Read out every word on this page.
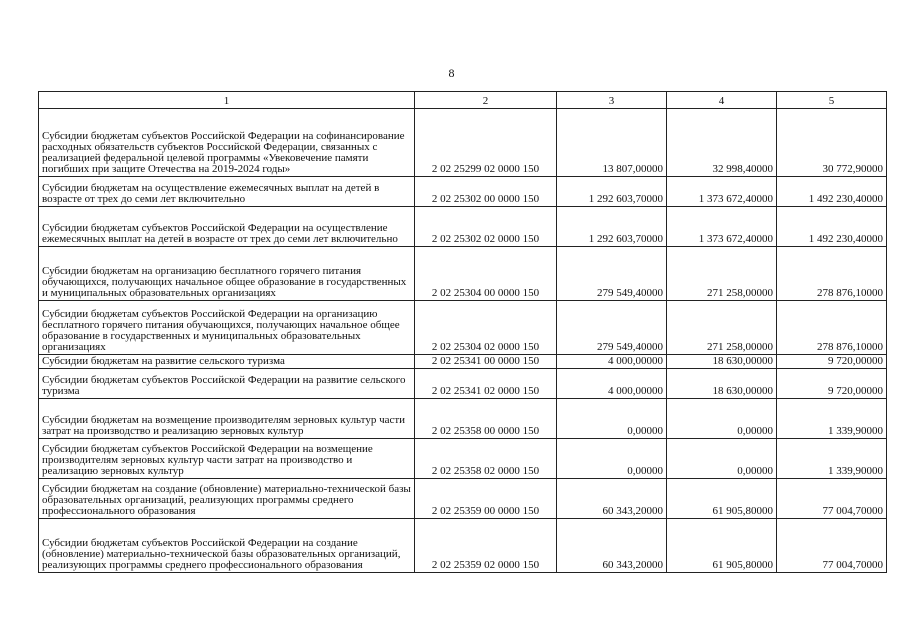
8
1	2	3	4	5
Субсидии бюджетам субъектов Российской Федерации на софинансирование расходных обязательств субъектов Российской Федерации, связанных с реализацией федеральной целевой программы «Увековечение памяти погибших при защите Отечества на 2019-2024 годы»	2 02 25299 02 0000 150	13 807,00000	32 998,40000	30 772,90000
Субсидии бюджетам на осуществление ежемесячных выплат на детей в возрасте от трех до семи лет включительно	2 02 25302 00 0000 150	1 292 603,70000	1 373 672,40000	1 492 230,40000
Субсидии бюджетам субъектов Российской Федерации на осуществление ежемесячных выплат на детей в возрасте от трех до семи лет включительно	2 02 25302 02 0000 150	1 292 603,70000	1 373 672,40000	1 492 230,40000
Субсидии бюджетам на организацию бесплатного горячего питания обучающихся, получающих начальное общее образование в государственных и муниципальных образовательных организациях	2 02 25304 00 0000 150	279 549,40000	271 258,00000	278 876,10000
Субсидии бюджетам субъектов Российской Федерации на организацию бесплатного горячего питания обучающихся, получающих начальное общее образование в государственных и муниципальных образовательных организациях	2 02 25304 02 0000 150	279 549,40000	271 258,00000	278 876,10000
Субсидии бюджетам на развитие сельского туризма	2 02 25341 00 0000 150	4 000,00000	18 630,00000	9 720,00000
Субсидии бюджетам субъектов Российской Федерации на развитие сельского туризма	2 02 25341 02 0000 150	4 000,00000	18 630,00000	9 720,00000
Субсидии бюджетам на возмещение производителям зерновых культур части затрат на производство и реализацию зерновых культур	2 02 25358 00 0000 150	0,00000	0,00000	1 339,90000
Субсидии бюджетам субъектов Российской Федерации на возмещение производителям зерновых культур части затрат на производство и реализацию зерновых культур	2 02 25358 02 0000 150	0,00000	0,00000	1 339,90000
Субсидии бюджетам на создание (обновление) материально-технической базы образовательных организаций, реализующих программы среднего профессионального образования	2 02 25359 00 0000 150	60 343,20000	61 905,80000	77 004,70000
Субсидии бюджетам субъектов Российской Федерации на создание (обновление) материально-технической базы образовательных организаций, реализующих программы среднего профессионального образования	2 02 25359 02 0000 150	60 343,20000	61 905,80000	77 004,70000
